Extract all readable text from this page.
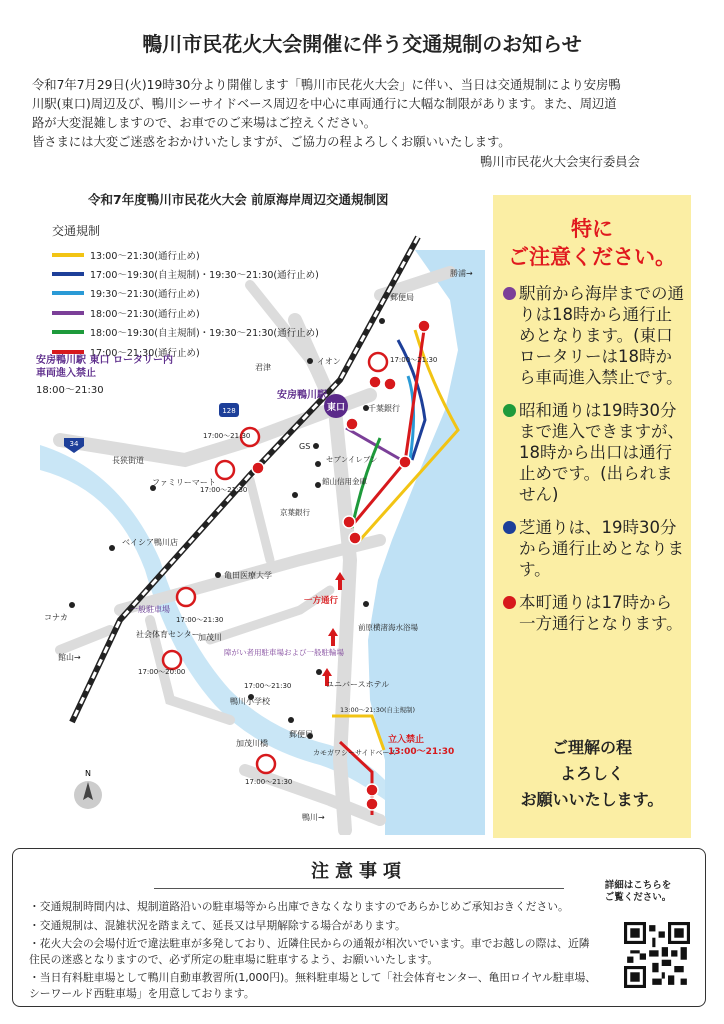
鴨川市民花火大会開催に伴う交通規制のお知らせ

令和7年7月29日(火)19時30分より開催します「鴨川市民花火大会」に伴い、当日は交通規制により安房鴨

川駅(東口)周辺及び、鴨川シーサイドベース周辺を中心に車両通行に大幅な制限があります。また、周辺道

路が大変混雑しますので、お車でのご来場はご控えください。

皆さまには大変ご迷惑をおかけいたしますが、ご協力の程よろしくお願いいたします。

鴨川市民花火大会実行委員会
令和7年度鴨川市民花火大会 前原海岸周辺交通規制図
東口
128
34
N
勝浦→
郵便局
イオン
君津
安房鴨川駅
千葉銀行
GS
セブンイレブン
館山信用金庫
京葉銀行
長狭街道
ファミリーマート
ベイシア鴨川店
亀田医療大学
コナカ
一般駐車場
社会体育センター
加茂川
障がい者用駐車場および一般駐輪場
一方通行
前原横渚海水浴場
ユニバースホテル
鴨川小学校
郵便局
加茂川橋
カモガワシーサイドベース
立入禁止
13:00～21:30
館山→
鴨川→
17:00～21:30
17:00～21:30
17:00～21:30
17:00～21:30
17:00～20:00
13:00～21:30(自主規制)
17:00～21:30
17:00～21:30
交通規制
13:00～21:30(通行止め)
17:00～19:30(自主規制)・19:30～21:30(通行止め)
19:30～21:30(通行止め)
18:00～21:30(通行止め)
18:00～19:30(自主規制)・19:30～21:30(通行止め)
17:00～21:30(通行止め)
安房鴨川駅 東口 ロータリー内
車両進入禁止
18:00～21:30
特に
ご注意ください。
駅前から海岸までの通りは18時から通行止めとなります。(東口ロータリーは18時から車両進入禁止です。
昭和通りは19時30分まで進入できますが、18時から出口は通行止めです。(出られません)
芝通りは、19時30分から通行止めとなります。
本町通りは17時から一方通行となります。
ご理解の程
よろしく
お願いいたします。
注意事項
・交通規制時間内は、規制道路沿いの駐車場等から出庫できなくなりますのであらかじめご承知おきください。
・交通規制は、混雑状況を踏まえて、延長又は早期解除する場合があります。
・花火大会の会場付近で違法駐車が多発しており、近隣住民からの通報が相次いでいます。車でお越しの際は、近隣住民の迷惑となりますので、必ず所定の駐車場に駐車するよう、お願いいたします。
・当日有料駐車場として鴨川自動車教習所(1,000円)。無料駐車場として「社会体育センター、亀田ロイヤル駐車場、シーワールド西駐車場」を用意しております。
詳細はこちらを
ご覧ください。
